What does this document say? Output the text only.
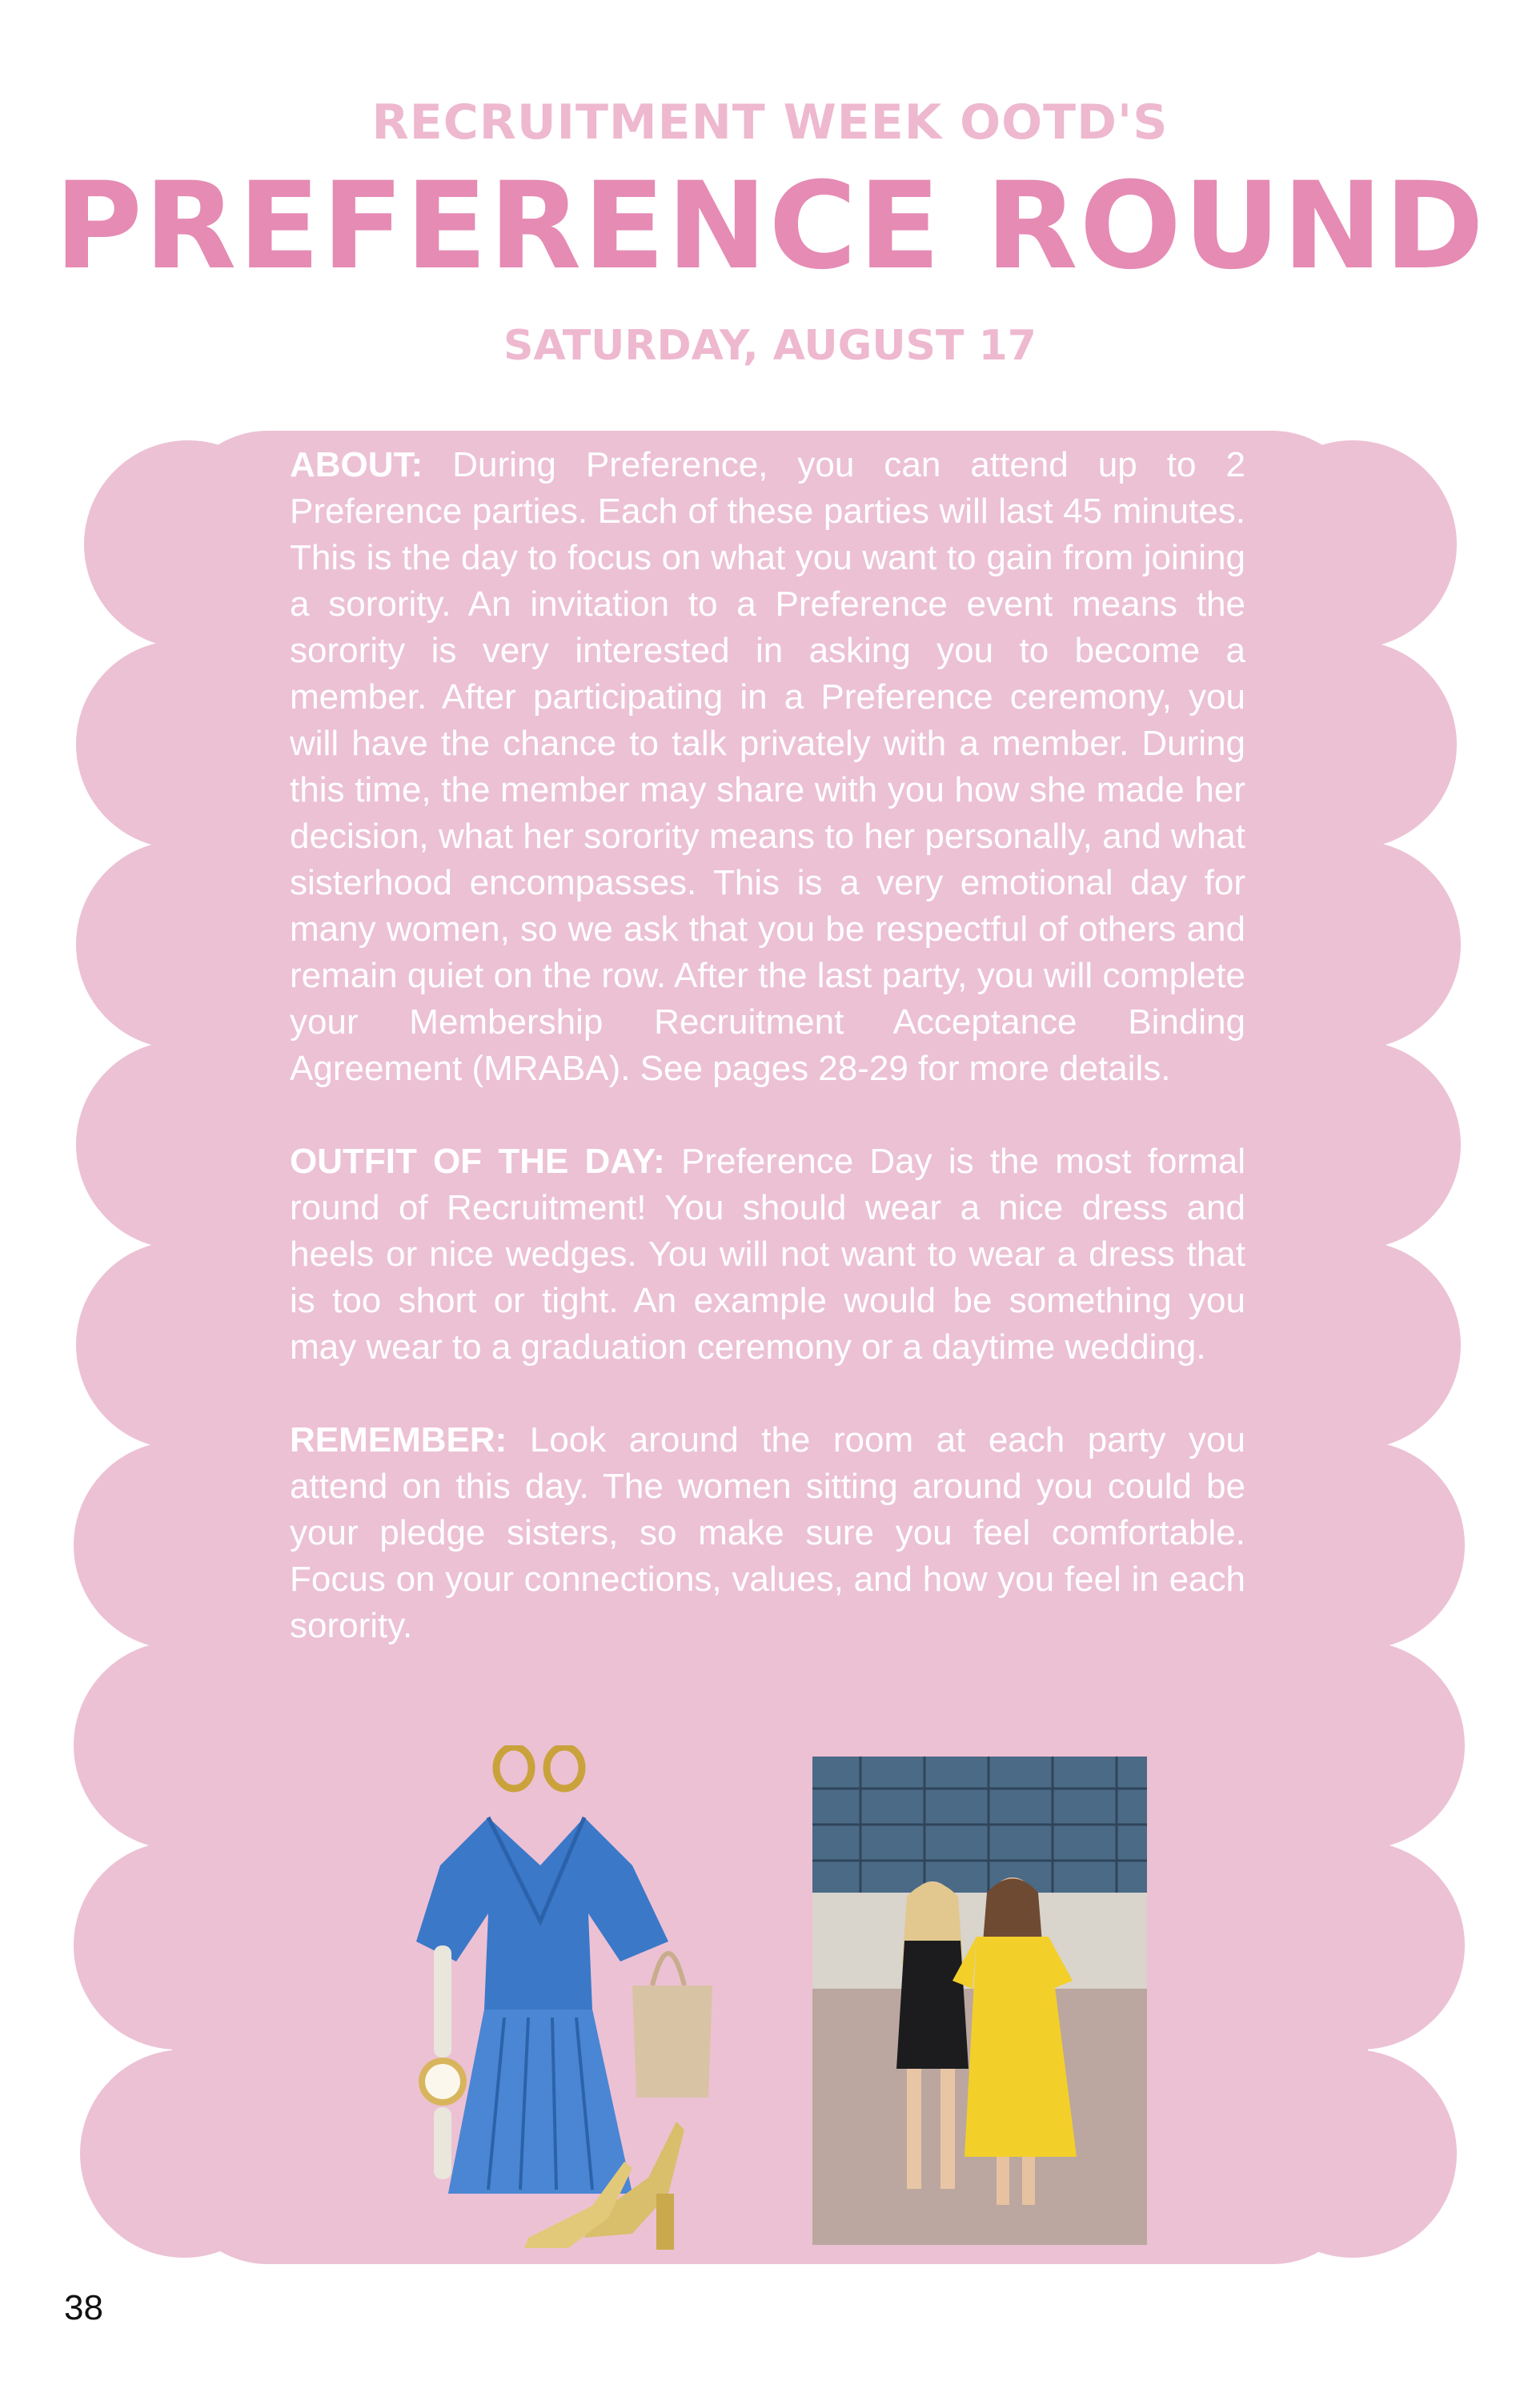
RECRUITMENT WEEK OOTD'S
PREFERENCE ROUND
SATURDAY, AUGUST 17

ABOUT: During Preference, you can attend up to 2 Preference parties. Each of these parties will last 45 minutes. This is the day to focus on what you want to gain from joining a sorority. An invitation to a Preference event means the sorority is very interested in asking you to become a member. After participating in a Preference ceremony, you will have the chance to talk privately with a member. During this time, the member may share with you how she made her decision, what her sorority means to her personally, and what sisterhood encompasses. This is a very emotional day for many women, so we ask that you be respectful of others and remain quiet on the row. After the last party, you will complete your Membership Recruitment Acceptance Binding Agreement (MRABA). See pages 28-29 for more details.

OUTFIT OF THE DAY: Preference Day is the most formal round of Recruitment! You should wear a nice dress and heels or nice wedges. You will not want to wear a dress that is too short or tight. An example would be something you may wear to a graduation ceremony or a daytime wedding.

REMEMBER: Look around the room at each party you attend on this day. The women sitting around you could be your pledge sisters, so make sure you feel comfortable. Focus on your connections, values, and how you feel in each sorority.

38
